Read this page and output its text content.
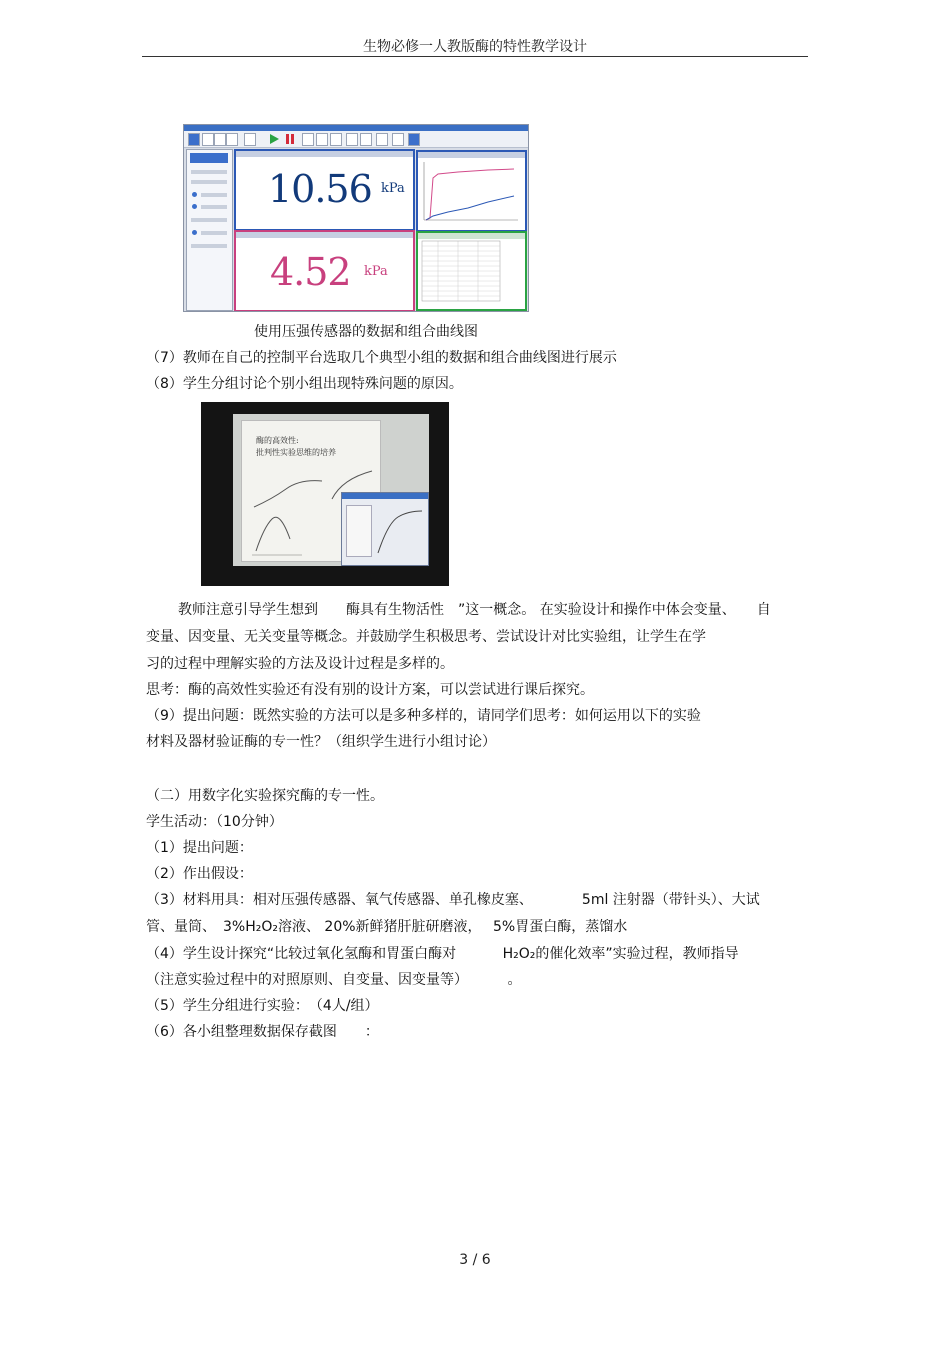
生物必修一人教版酶的特性教学设计
10.56 kPa
4.52 kPa
使用压强传感器的数据和组合曲线图
（7）教师在自己的控制平台选取几个典型小组的数据和组合曲线图进行展示
（8）学生分组讨论个别小组出现特殊问题的原因。
酶的高效性:
批判性实验思维的培养
教师注意引导学生想到　　酶具有生物活性　”这一概念。 在实验设计和操作中体会变量、　　自
变量、因变量、无关变量等概念。并鼓励学生积极思考、尝试设计对比实验组，让学生在学
习的过程中理解实验的方法及设计过程是多样的。
思考：酶的高效性实验还有没有别的设计方案，可以尝试进行课后探究。
（9）提出问题：既然实验的方法可以是多种多样的，请同学们思考：如何运用以下的实验
材料及器材验证酶的专一性？（组织学生进行小组讨论）
（二）用数字化实验探究酶的专一性。
学生活动：（10分钟）
（1）提出问题：
（2）作出假设：
（3）材料用具：相对压强传感器、氧气传感器、单孔橡皮塞、　　　　5ml 注射器（带针头）、大试
管、量筒、　3%H₂O₂溶液、 20%新鲜猪肝脏研磨液，　 5%胃蛋白酶，蒸馏水
（4）学生设计探究“比较过氧化氢酶和胃蛋白酶对　　　 H₂O₂的催化效率”实验过程，教师指导
（注意实验过程中的对照原则、自变量、因变量等）　　　 。
（5）学生分组进行实验：　（4人/组）
（6）各小组整理数据保存截图　　：
3 / 6
